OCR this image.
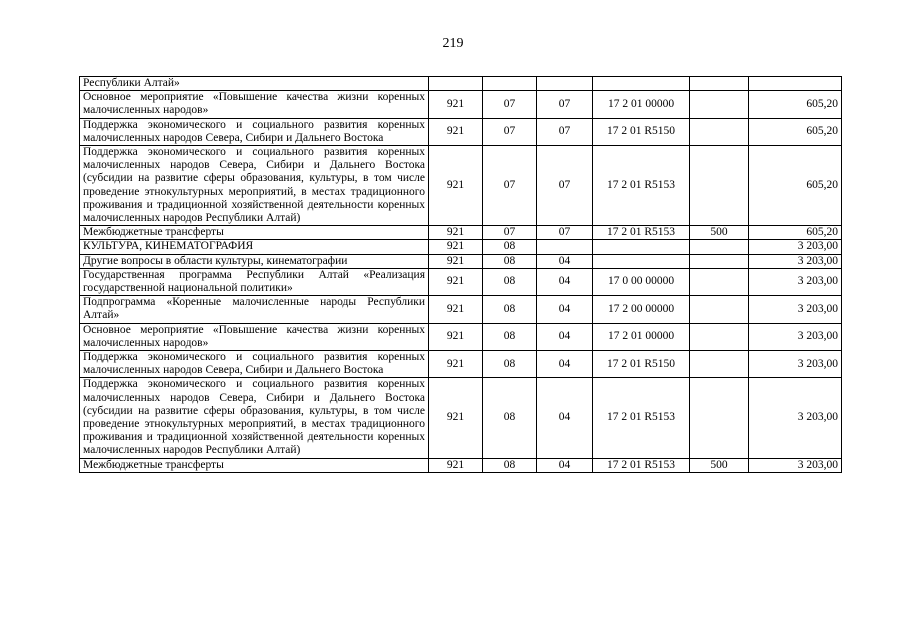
219
Республики Алтай»						
Основное мероприятие «Повышение качества жизни коренных малочисленных народов»	921	07	07	17 2 01 00000		605,20
Поддержка экономического и социального развития коренных малочисленных народов Севера, Сибири и Дальнего Востока	921	07	07	17 2 01 R5150		605,20
Поддержка экономического и социального развития коренных малочисленных народов Севера, Сибири и Дальнего Востока (субсидии на развитие сферы образования, культуры, в том числе проведение этнокультурных мероприятий, в местах традиционного проживания и традиционной хозяйственной деятельности коренных малочисленных народов Республики Алтай)	921	07	07	17 2 01 R5153		605,20
Межбюджетные трансферты	921	07	07	17 2 01 R5153	500	605,20
КУЛЬТУРА, КИНЕМАТОГРАФИЯ	921	08				3 203,00
Другие вопросы в области культуры, кинематографии	921	08	04			3 203,00
Государственная программа Республики Алтай «Реализация государственной национальной политики»	921	08	04	17 0 00 00000		3 203,00
Подпрограмма «Коренные малочисленные народы Республики Алтай»	921	08	04	17 2 00 00000		3 203,00
Основное мероприятие «Повышение качества жизни коренных малочисленных народов»	921	08	04	17 2 01 00000		3 203,00
Поддержка экономического и социального развития коренных малочисленных народов Севера, Сибири и Дальнего Востока	921	08	04	17 2 01 R5150		3 203,00
Поддержка экономического и социального развития коренных малочисленных народов Севера, Сибири и Дальнего Востока (субсидии на развитие сферы образования, культуры, в том числе проведение этнокультурных мероприятий, в местах традиционного проживания и традиционной хозяйственной деятельности коренных малочисленных народов Республики Алтай)	921	08	04	17 2 01 R5153		3 203,00
Межбюджетные трансферты	921	08	04	17 2 01 R5153	500	3 203,00
